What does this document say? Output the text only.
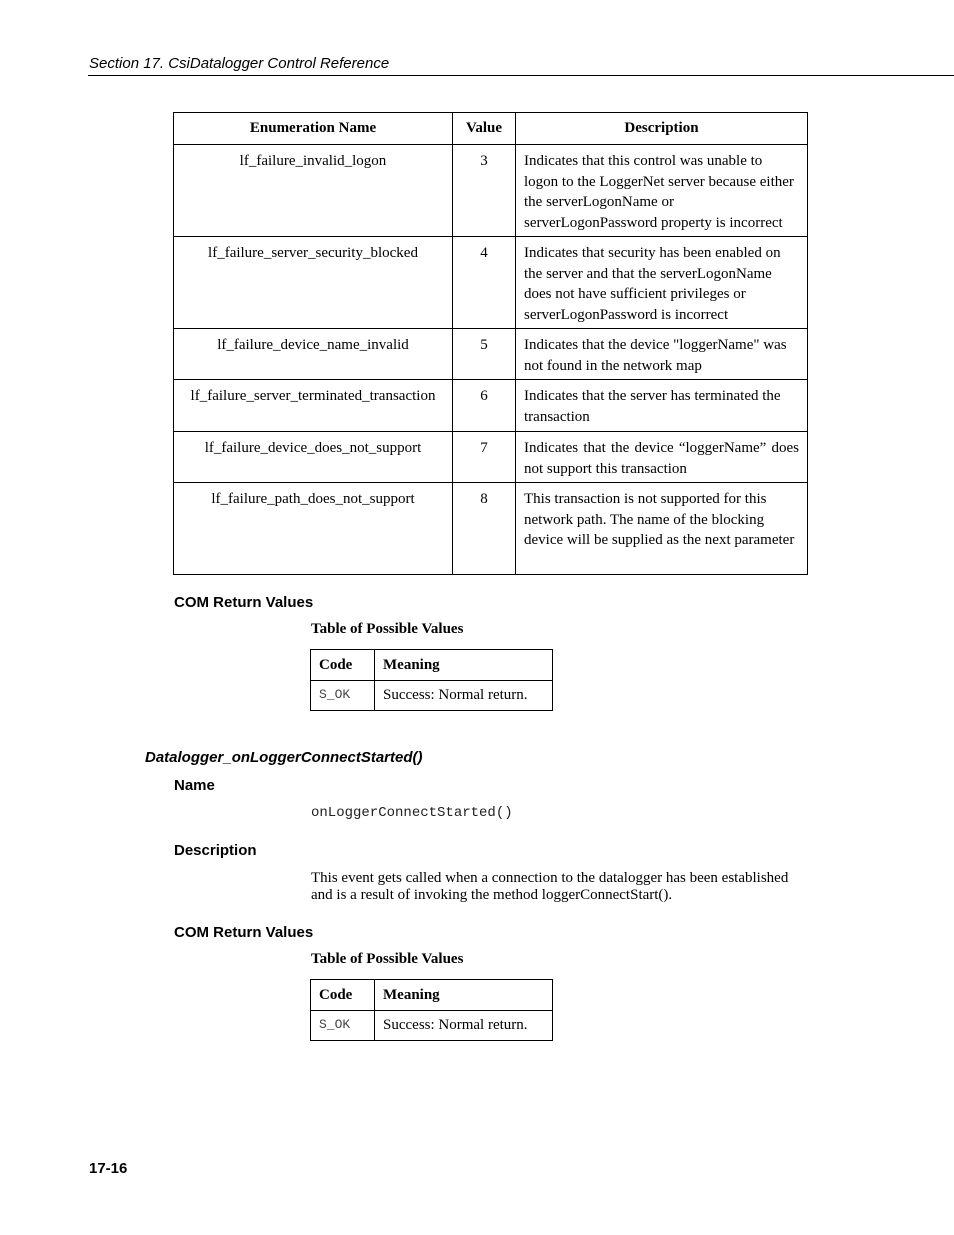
Section 17. CsiDatalogger Control Reference
Enumeration Name	Value	Description
lf_failure_invalid_logon	3	Indicates that this control was unable to logon to the LoggerNet server because either the serverLogonName or serverLogonPassword property is incorrect
lf_failure_server_security_blocked	4	Indicates that security has been enabled on the server and that the serverLogonName does not have sufficient privileges or serverLogonPassword is incorrect
lf_failure_device_name_invalid	5	Indicates that the device "loggerName" was not found in the network map
lf_failure_server_terminated_transaction	6	Indicates that the server has terminated the transaction
lf_failure_device_does_not_support	7	Indicates that the device “loggerName” does not support this transaction
lf_failure_path_does_not_support	8	This transaction is not supported for this network path. The name of the blocking device will be supplied as the next parameter
COM Return Values
Table of Possible Values
Code	Meaning
S_OK	Success: Normal return.
Datalogger_onLoggerConnectStarted()
Name
onLoggerConnectStarted()
Description
This event gets called when a connection to the datalogger has been established and is a result of invoking the method loggerConnectStart().
COM Return Values
Table of Possible Values
Code	Meaning
S_OK	Success: Normal return.
17-16
